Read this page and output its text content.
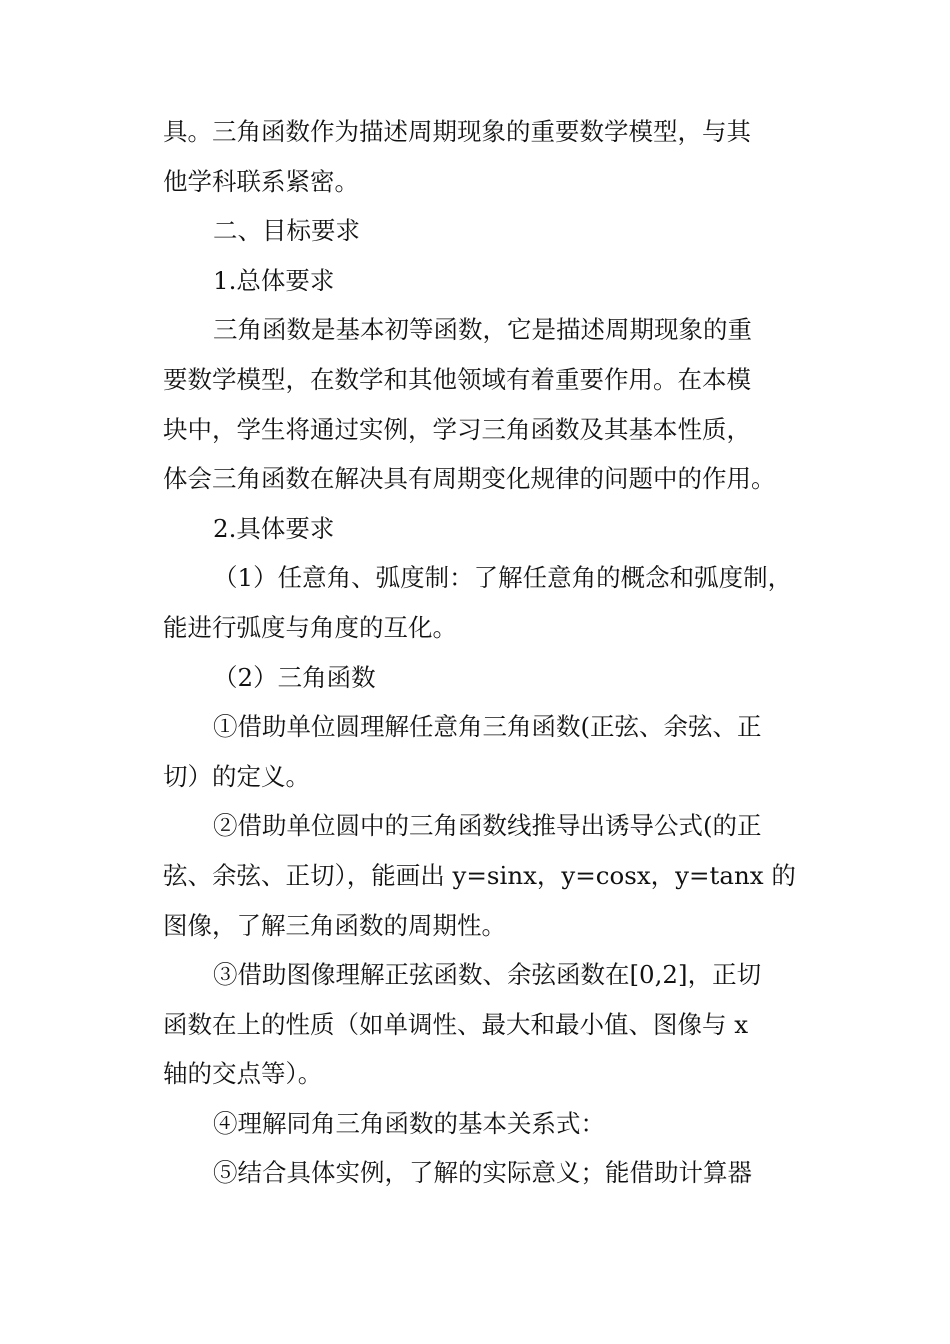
具。三角函数作为描述周期现象的重要数学模型，与其
他学科联系紧密。
二、目标要求
1.总体要求
三角函数是基本初等函数，它是描述周期现象的重
要数学模型，在数学和其他领域有着重要作用。在本模
块中，学生将通过实例，学习三角函数及其基本性质，
体会三角函数在解决具有周期变化规律的问题中的作用。
2.具体要求
（1）任意角、弧度制：了解任意角的概念和弧度制，
能进行弧度与角度的互化。
（2）三角函数
①借助单位圆理解任意角三角函数(正弦、余弦、正
切）的定义。
②借助单位圆中的三角函数线推导出诱导公式(的正
弦、余弦、正切），能画出 y=sinx，y=cosx，y=tanx 的
图像，了解三角函数的周期性。
③借助图像理解正弦函数、余弦函数在[0,2]，正切
函数在上的性质（如单调性、最大和最小值、图像与 x
轴的交点等）。
④理解同角三角函数的基本关系式：
⑤结合具体实例，了解的实际意义；能借助计算器
